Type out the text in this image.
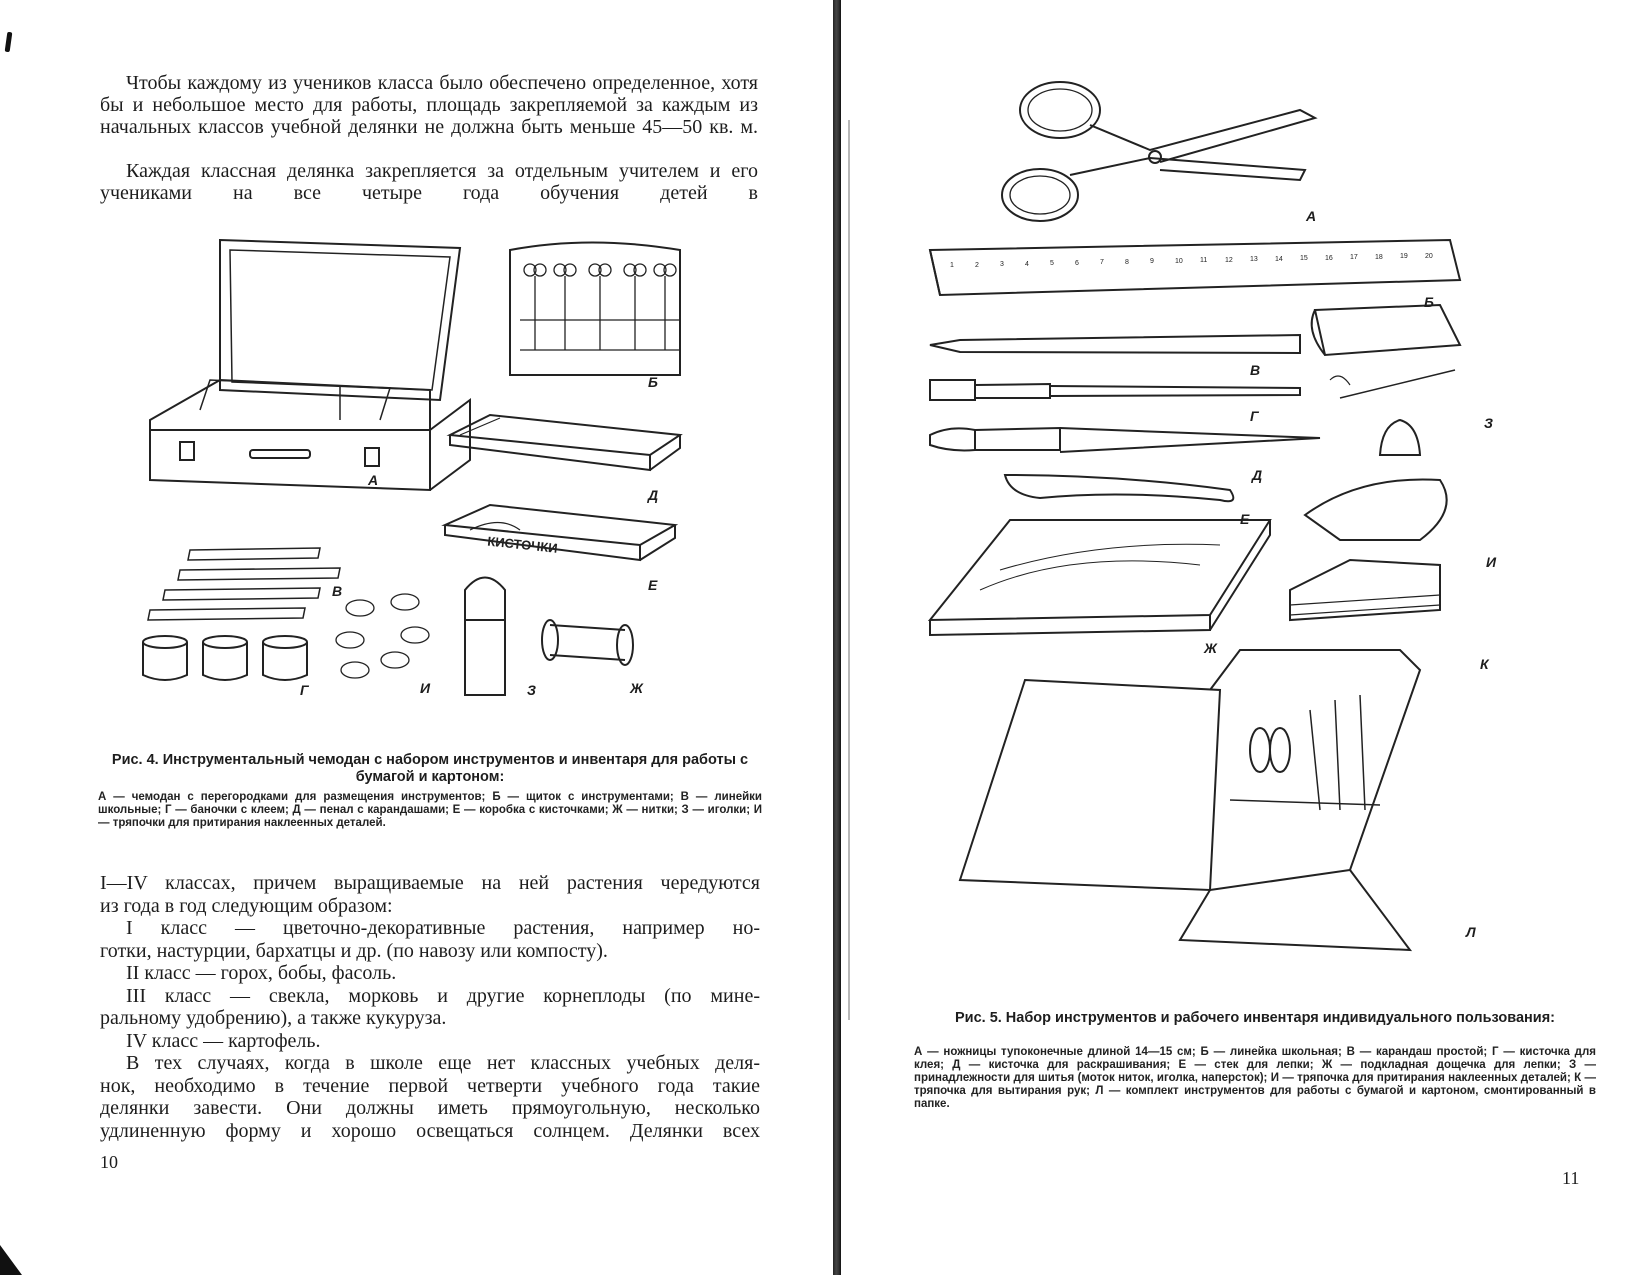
Чтобы каждому из учеников класса было обеспечено определенное, хотя бы и небольшое место для работы, площадь закрепляемой за каждым из начальных классов учебной делянки не должна быть меньше 45—50 кв. м.

Каждая классная делянка закрепляется за отдельным учителем и его учениками на все четыре года обучения детей в

КИСТОЧКИ
А
Б
В
Г
Д
Е
Ж
З
И
Рис. 4. Инструментальный чемодан с набором инструментов и инвентаря для работы с бумагой и картоном:
А — чемодан с перегородками для размещения инструментов; Б — щиток с инструментами; В — линейки школьные; Г — баночки с клеем; Д — пенал с карандашами; Е — коробка с кисточками; Ж — нитки; З — иголки; И — тряпочки для притирания наклеенных деталей.
I—IV классах, причем выращиваемые на ней растения чередуются
из года в год следующим образом:
I класс — цветочно-декоративные растения, например но-
готки, настурции, бархатцы и др. (по навозу или компосту).
II класс — горох, бобы, фасоль.
III класс — свекла, морковь и другие корнеплоды (по мине-
ральному удобрению), а также кукуруза.
IV класс — картофель.
В тех случаях, когда в школе еще нет классных учебных деля-
нок, необходимо в течение первой четверти учебного года такие
делянки завести. Они должны иметь прямоугольную, несколько
удлиненную форму и хорошо освещаться солнцем. Делянки всех
10
1	2	3	4	5	6	7	8	9	10 11	12 13 14 15 16 17 18 19 20
А
Б
В
Г
Д
Е
Ж
З
И
К
Л
Рис. 5. Набор инструментов и рабочего инвентаря индивидуального пользования:
А — ножницы тупоконечные длиной 14—15 см; Б — линейка школьная; В — карандаш простой; Г — кисточка для клея; Д — кисточка для раскрашивания; Е — стек для лепки; Ж — подкладная дощечка для лепки; З — принадлежности для шитья (моток ниток, иголка, наперсток); И — тряпочка для притирания наклеенных деталей; К — тряпочка для вытирания рук; Л — комплект инструментов для работы с бумагой и картоном, смонтированный в папке.
11
